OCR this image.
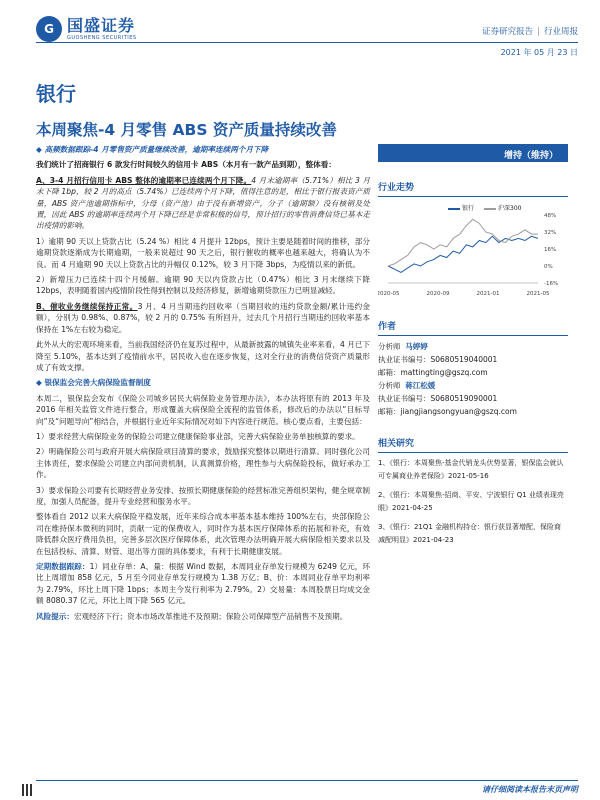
G 国盛证券
GUOSHENG SECURITIES
证券研究报告 | 行业周报
2021 年 05 月 23 日
银行
本周聚焦-4 月零售 ABS 资产质量持续改善

◆ 高频数据跟踪-4 月零售资产质量继续改善，逾期率连续两个月下降

我们统计了招商银行 6 款发行时间较久的信用卡 ABS（本月有一款产品到期），整体看：

A、3-4 月招行信用卡 ABS 整体的逾期率已连续两个月下降。4 月末逾期率（5.71%）相比 3 月末下降 1bp，较 2 月的高点（5.74%）已连续两个月下降，值得注意的是，相比于银行报表资产质量，ABS 资产池逾期指标中，分母（资产池）由于没有新增资产，分子（逾期额）没有核销及处置，因此 ABS 的逾期率连续两个月下降已经是非常积极的信号，预计招行的零售消费信贷已基本走出疫情的影响。

1）逾期 90 天以上贷款占比（5.24 %）相比 4 月提升 12bps，预计主要是随着时间的推移，部分逾期贷款逐渐成为长期逾期，一般来说超过 90 天之后，银行催收的概率也越来越大，将确认为不良。而 4 月逾期 90 天以上贷款占比的升幅仅 0.12%，较 3 月下降 3bps，为疫情以来的新低。

2）新增压力已连续十四个月缓解。逾期 90 天以内贷款占比（0.47%）相比 3 月末继续下降 12bps，表明随着国内疫情阶段性得到控制以及经济修复，新增逾期贷款压力已明显减轻。

B、催收业务继续保持正常。3 月、4 月当期违约回收率（当期回收的违约贷款金额/累计违约金额），分别为 0.98%、0.87%，较 2 月的 0.75% 有所回升，过去几个月招行当期违约回收率基本保持在 1%左右较为稳定。

此外从大的宏观环境来看，当前我国经济仍在复苏过程中，从最新披露的城镇失业率来看，4 月已下降至 5.10%，基本达到了疫情前水平，居民收入也在逐步恢复，这对全行业的消费信贷资产质量形成了有效支撑。

◆ 银保监会完善大病保险监督制度

本周二，银保监会发布《保险公司城乡居民大病保险业务管理办法》，本办法将原有的 2013 年及 2016 年相关监管文件进行整合，形成覆盖大病保险全流程的监管体系，修改后的办法以“目标导向”及“问题导向”相结合，并根据行业近年实际情况对如下内容进行规范。核心要点看，主要包括：

1）要求经营大病保险业务的保险公司建立健康保险事业部，完善大病保险业务单独核算的要求。

2）明确保险公司与政府开展大病保险项目清算的要求，鼓励探究整体以期进行清算。同时强化公司主体责任，要求保险公司建立内部问责机制，认真测算价格，理性参与大病保险投标，做好承办工作。

3）要求保险公司要有长期经营业务安排、按照长期健康保险的经营标准完善组织架构，健全规章制度，加强人员配备，提升专业经营和服务水平。

整体看自 2012 以来大病保险平稳发展，近年来综合成本率基本基本维持 100%左右，央部保险公司在维持保本微利的同时，贡献一定的保费收入，同时作为基本医疗保障体系的拓展和补充，有效降低群众医疗费用负担，完善多层次医疗保障体系，此次管理办法明确开展大病保险相关要求以及在包括投标、清算、财管、退出等方面的具体要求，有利于长期健康发展。

定期数据跟踪：1）同业存单：A、量：根据 Wind 数据，本周同业存单发行规模为 6249 亿元，环比上周增加 858 亿元，5 月至今同业存单发行规模为 1.38 万亿；B、价：本周同业存单平均利率为 2.79%，环比上周下降 1bps；本周主今发行利率为 2.79%。2）交易量：本周股票日均成交金额 8080.37 亿元，环比上周下降 565 亿元。

风险提示：宏观经济下行；资本市场改革推进不及预期；保险公司保障型产品销售不及预期。

增持（维持）
行业走势
银行	沪深300
48%
32%
16%
0%
-16%
2020-05	2020-09	2021-01	2021-05
作者
分析师 马婷婷
执业证书编号：S0680519040001
邮箱：mattingting@gszq.com
分析师 蒋江松媛
执业证书编号：S0680519090001
邮箱：jiangjiangsongyuan@gszq.com
相关研究

1、《银行：本周聚焦-基金代销龙头伏势显著，银保监会就认可专属商业养老保险》2021-05-16

2、《银行：本周聚焦-招商、平安、宁波银行 Q1 业绩表现亮眼》2021-04-25

3、《银行：21Q1 金融机构持仓：银行获显著增配，保险商减配明显》2021-04-23

请仔细阅读本报告末页声明
